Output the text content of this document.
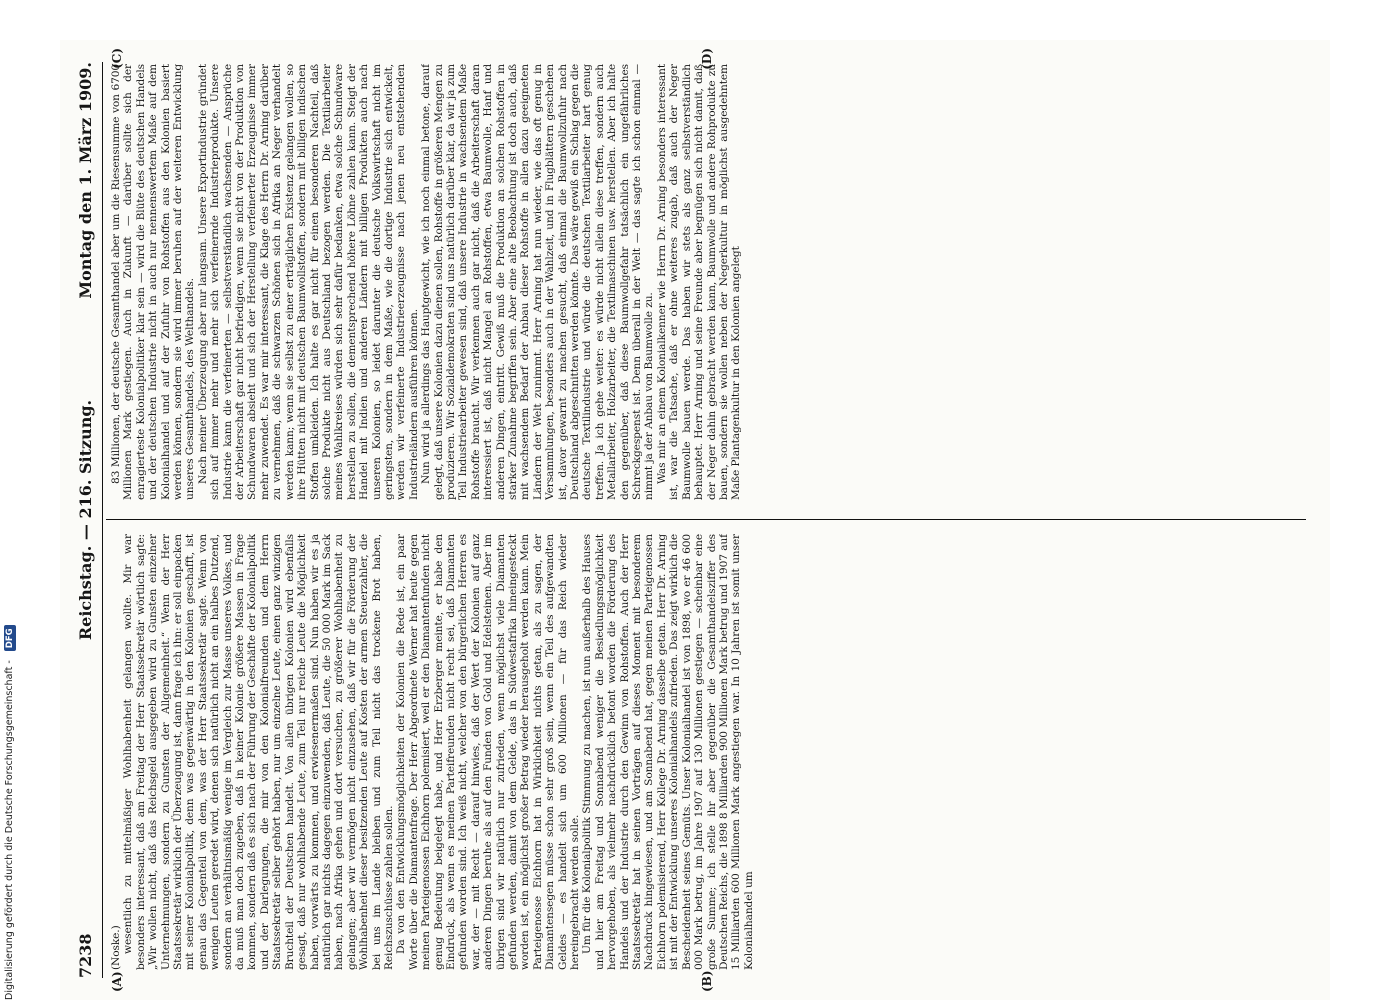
7238
Reichstag. — 216. Sitzung.
Montag den 1. März 1909.
(A)	(B)
(C)	(D)

(Noske.) wesentlich zu mittelmäßiger Wohlhabenheit gelangen wollte. Mir war besonders interessant, daß am Freitag der Herr Staatssekretär wörtlich sagte: „Wir wollen nicht, daß das Reichsgeld ausgegeben wird zu Gunsten einzelner Unternehmungen, sondern zu Gunsten der Allgemeinheit.“ Wenn der Herr Staatssekretär wirklich der Überzeugung ist, dann frage ich ihn: er soll einpacken mit seiner Kolonialpolitik, denn was gegenwärtig in den Kolonien geschafft, ist genau das Gegenteil von dem, was der Herr Staatssekretär sagte. Wenn von wenigen Leuten geredet wird, denen sich natürlich nicht an ein halbes Dutzend, sondern an verhältnismäßig wenige im Vergleich zur Masse unseres Volkes, und da muß man doch zugeben, daß in keiner Kolonie größere Massen in Frage kommen, sondern daß es sich nach der Führung der Geschäfte der Kolonialpolitik und der Darlegungen, die mir von den Kolonialfreunden und dem Herrn Staatssekretär selber gehört haben, nur um einzelne Leute, einen ganz winzigen Bruchteil der Deutschen handelt. Von allen übrigen Kolonien wird ebenfalls gesagt, daß nur wohlhabende Leute, zum Teil nur reiche Leute die Möglichkeit haben, vorwärts zu kommen, und erwiesenermaßen sind. Nun haben wir es ja natürlich gar nichts dagegen einzuwenden, daß Leute, die 50 000 Mark im Sack haben, nach Afrika gehen und dort versuchen, zu größerer Wohlhabenheit zu gelangen; aber wir vermögen nicht einzusehen, daß wir für die Förderung der Wohlhabenheit dieser besitzenden Leute auf Kosten der armen Steuerzahler, die bei uns im Lande bleiben und zum Teil nicht das trockene Brot haben, Reichszuschüsse zahlen sollen. Da von den Entwicklungsmöglichkeiten der Kolonien die Rede ist, ein paar Worte über die Diamantenfrage. Der Herr Abgeordnete Werner hat heute gegen meinen Parteigenossen Eichhorn polemisiert, weil er den Diamantenfunden nicht genug Bedeutung beigelegt habe, und Herr Erzberger meinte, er habe den Eindruck, als wenn es meinen Parteifreunden nicht recht sei, daß Diamanten gefunden worden sind. Ich weiß nicht, welcher von den bürgerlichen Herren es war, der — mit Recht — darauf hinwies, daß der Wert der Kolonien auf ganz anderen Dingen beruhe als auf den Funden von Gold und Edelsteinen. Aber im übrigen sind wir natürlich nur zufrieden, wenn möglichst viele Diamanten gefunden werden, damit von dem Gelde, das in Südwestafrika hineingesteckt worden ist, ein möglichst großer Betrag wieder herausgeholt werden kann. Mein Parteigenosse Eichhorn hat in Wirklichkeit nichts getan, als zu sagen, der Diamantensegen müsse schon sehr groß sein, wenn ein Teil des aufgewandten Geldes — es handelt sich um 600 Millionen — für das Reich wieder hereingebracht werden solle. Um für die Kolonialpolitik Stimmung zu machen, ist nun außerhalb des Hauses und hier am Freitag und Sonnabend weniger die Besiedlungsmöglichkeit hervorgehoben, als vielmehr nachdrücklich betont worden die Förderung des Handels und der Industrie durch den Gewinn von Rohstoffen. Auch der Herr Staatssekretär hat in seinen Vorträgen auf dieses Moment mit besonderem Nachdruck hingewiesen, und am Sonnabend hat, gegen meinen Parteigenossen Eichhorn polemisierend, Herr Kollege Dr. Arning dasselbe getan. Herr Dr. Arning ist mit der Entwicklung unseres Kolonialhandels zufrieden. Das zeigt wirklich die Bescheidenheit seines Gemüts. Unser Kolonialhandel ist von 1898, wo er 46 600 000 Mark betrug, im Jahre 1907 auf 130 Millionen gestiegen — scheinbar eine große Summe; ich stelle ihr aber gegenüber die Gesamthandelsziffer des Deutschen Reichs, die 1898 8 Milliarden 900 Millionen Mark betrug und 1907 auf 15 Milliarden 600 Millionen Mark angestiegen war. In 10 Jahren ist somit unser Kolonialhandel um

83 Millionen, der deutsche Gesamthandel aber um die Riesensumme von 6700 Millionen Mark gestiegen. Auch in Zukunft — darüber sollte sich der enragierteste Kolonialpolitiker klar sein — wird die Blüte des deutschen Handels und der deutschen Industrie nicht in auch nur nennenswertem Maße auf dem Kolonialhandel und auf der Zufuhr von Rohstoffen aus den Kolonien basiert werden können, sondern sie wird immer beruhen auf der weiteren Entwicklung unseres Gesamthandels, des Welthandels. Nach meiner Überzeugung aber nur langsam. Unsere Exportindustrie gründet sich auf immer mehr und mehr sich verfeinernde Industrieprodukte. Unsere Industrie kann die verfeinerten — selbstverständlich wachsenden — Ansprüche der Arbeiterschaft gar nicht befriedigen, wenn sie nicht von der Produktion von Schundwaren absieht und sich der Herstellung verfeinerter Erzeugnisse immer mehr zuwendet. Es war mir interessant, die Klage des Herrn Dr. Arning darüber zu vernehmen, daß die schwarzen Schönen sich in Afrika an Neger verhandelt werden kann; wenn sie selbst zu einer erträglichen Existenz gelangen wollen, so ihre Hütten nicht mit deutschen Baumwollstoffen, sondern mit billigen indischen Stoffen umkleiden. Ich halte es gar nicht für einen besonderen Nachteil, daß solche Produkte nicht aus Deutschland bezogen werden. Die Textilarbeiter meines Wahlkreises würden sich sehr dafür bedanken, etwa solche Schundware herstellen zu sollen, die dementsprechend höhere Löhne zahlen kann. Steigt der Handel mit Indien und anderen Ländern mit billigen Produkten auch nach unseren Kolonien, so leidet darunter die deutsche Volkswirtschaft nicht im geringsten, sondern in dem Maße, wie die dortige Industrie sich entwickelt, werden wir verfeinerte Industrieerzeugnisse nach jenen neu entstehenden Industrieländern ausführen können. Nun wird ja allerdings das Hauptgewicht, wie ich noch einmal betone, darauf gelegt, daß unsere Kolonien dazu dienen sollen, Rohstoffe in größeren Mengen zu produzieren. Wir Sozialdemokraten sind uns natürlich darüber klar, da wir ja zum Teil Industriearbeiter gewesen sind, daß unsere Industrie in wachsendem Maße Rohstoffe braucht. Wir verkennen auch gar nicht, daß die Arbeiterschaft daran interessiert ist, daß nicht Mangel an Rohstoffen, etwa Baumwolle, Hanf und anderen Dingen, eintritt. Gewiß muß die Produktion an solchen Rohstoffen in starker Zunahme begriffen sein. Aber eine alte Beobachtung ist doch auch, daß mit wachsendem Bedarf der Anbau dieser Rohstoffe in allen dazu geeigneten Ländern der Welt zunimmt. Herr Arning hat nun wieder, wie das oft genug in Versammlungen, besonders auch in der Wahlzeit, und in Flugblättern geschehen ist, davor gewarnt zu machen gesucht, daß einmal die Baumwollzufuhr nach Deutschland abgeschnitten werden könnte. Das wäre gewiß ein Schlag gegen die deutsche Textilindustrie und würde die deutschen Textilarbeiter hart genug treffen. Ja ich gehe weiter: es würde nicht allein diese treffen, sondern auch Metallarbeiter, Holzarbeiter, die Textilmaschinen usw. herstellen. Aber ich halte den gegenüber, daß diese Baumwollgefahr tatsächlich ein ungefährliches Schreckgespenst ist. Denn überall in der Welt — das sagte ich schon einmal — nimmt ja der Anbau von Baumwolle zu. Was mir an einem Kolonialkenner wie Herrn Dr. Arning besonders interessant ist, war die Tatsache, daß er ohne weiteres zugab, daß auch der Neger Baumwolle bauen werde. Das haben wir stets als ganz selbstverständlich behauptet. Herr Arning und seine Freunde aber begnügen sich nicht damit, daß der Neger dahin gebracht werden kann, Baumwolle und andere Rohprodukte zu bauen, sondern sie wollen neben der Negerkultur in möglichst ausgedehntem Maße Plantagenkultur in den Kolonien angelegt

Digitalisierung gefördert durch die Deutsche Forschungsgemeinschaft - DFG
